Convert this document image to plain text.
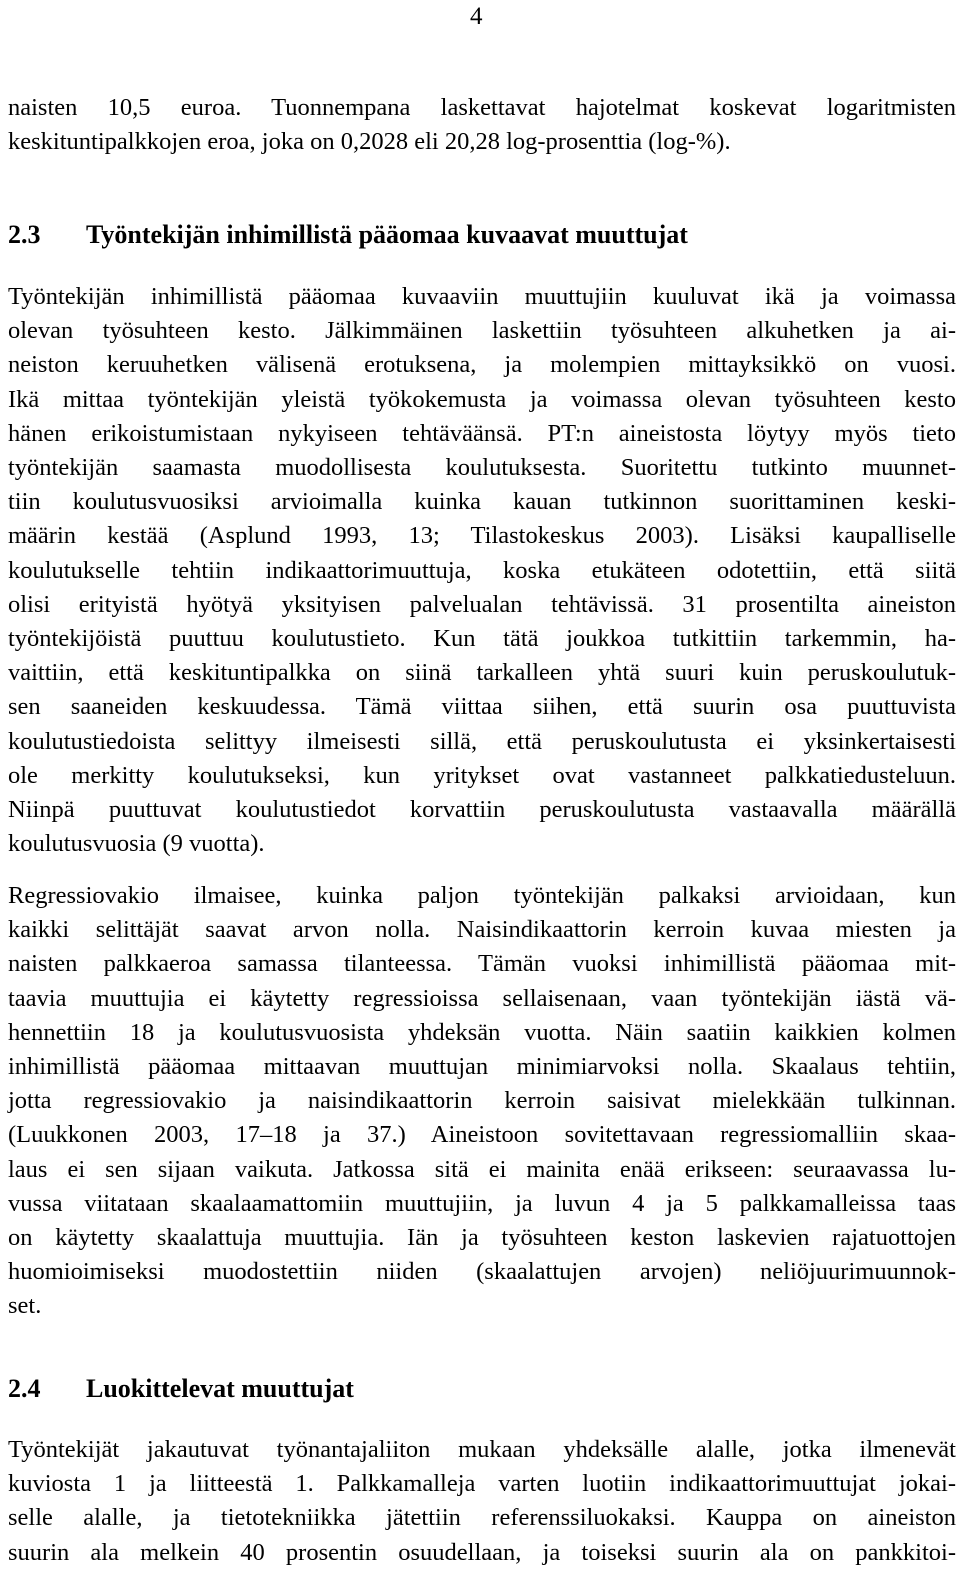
4

naisten 10,5 euroa. Tuonnempana laskettavat hajotelmat koskevat logaritmisten
keskituntipalkkojen eroa, joka on 0,2028 eli 20,28 log-prosenttia (log-%).

2.3 Työntekijän inhimillistä pääomaa kuvaavat muuttujat

Työntekijän inhimillistä pääomaa kuvaaviin muuttujiin kuuluvat ikä ja voimassa
olevan työsuhteen kesto. Jälkimmäinen laskettiin työsuhteen alkuhetken ja ai-
neiston keruuhetken välisenä erotuksena, ja molempien mittayksikkö on vuosi.
Ikä mittaa työntekijän yleistä työkokemusta ja voimassa olevan työsuhteen kesto
hänen erikoistumistaan nykyiseen tehtäväänsä. PT:n aineistosta löytyy myös tieto
työntekijän saamasta muodollisesta koulutuksesta. Suoritettu tutkinto muunnet-
tiin koulutusvuosiksi arvioimalla kuinka kauan tutkinnon suorittaminen keski-
määrin kestää (Asplund 1993, 13; Tilastokeskus 2003). Lisäksi kaupalliselle
koulutukselle tehtiin indikaattorimuuttuja, koska etukäteen odotettiin, että siitä
olisi erityistä hyötyä yksityisen palvelualan tehtävissä. 31 prosentilta aineiston
työntekijöistä puuttuu koulutustieto. Kun tätä joukkoa tutkittiin tarkemmin, ha-
vaittiin, että keskituntipalkka on siinä tarkalleen yhtä suuri kuin peruskoulutuk-
sen saaneiden keskuudessa. Tämä viittaa siihen, että suurin osa puuttuvista
koulutustiedoista selittyy ilmeisesti sillä, että peruskoulutusta ei yksinkertaisesti
ole merkitty koulutukseksi, kun yritykset ovat vastanneet palkkatiedusteluun.
Niinpä puuttuvat koulutustiedot korvattiin peruskoulutusta vastaavalla määrällä
koulutusvuosia (9 vuotta).

Regressiovakio ilmaisee, kuinka paljon työntekijän palkaksi arvioidaan, kun
kaikki selittäjät saavat arvon nolla. Naisindikaattorin kerroin kuvaa miesten ja
naisten palkkaeroa samassa tilanteessa. Tämän vuoksi inhimillistä pääomaa mit-
taavia muuttujia ei käytetty regressioissa sellaisenaan, vaan työntekijän iästä vä-
hennettiin 18 ja koulutusvuosista yhdeksän vuotta. Näin saatiin kaikkien kolmen
inhimillistä pääomaa mittaavan muuttujan minimiarvoksi nolla. Skaalaus tehtiin,
jotta regressiovakio ja naisindikaattorin kerroin saisivat mielekkään tulkinnan.
(Luukkonen 2003, 17–18 ja 37.) Aineistoon sovitettavaan regressiomalliin skaa-
laus ei sen sijaan vaikuta. Jatkossa sitä ei mainita enää erikseen: seuraavassa lu-
vussa viitataan skaalaamattomiin muuttujiin, ja luvun 4 ja 5 palkkamalleissa taas
on käytetty skaalattuja muuttujia. Iän ja työsuhteen keston laskevien rajatuottojen
huomioimiseksi muodostettiin niiden (skaalattujen arvojen) neliöjuurimuunnok-
set.

2.4 Luokittelevat muuttujat

Työntekijät jakautuvat työnantajaliiton mukaan yhdeksälle alalle, jotka ilmenevät
kuviosta 1 ja liitteestä 1. Palkkamalleja varten luotiin indikaattorimuuttujat jokai-
selle alalle, ja tietotekniikka jätettiin referenssiluokaksi. Kauppa on aineiston
suurin ala melkein 40 prosentin osuudellaan, ja toiseksi suurin ala on pankkitoi-
